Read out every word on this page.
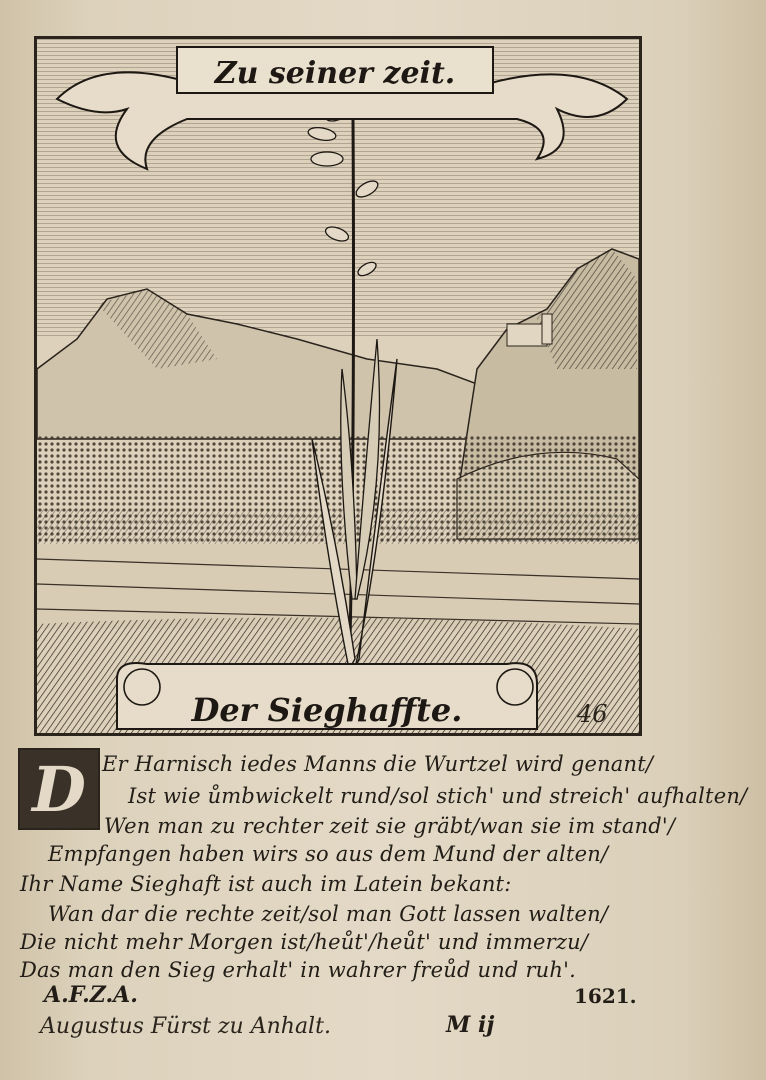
Zu seiner zeit.
Der Sieghaffte.	46
D Er Harnisch iedes Manns die Wurtzel wird genant/
Ist wie ůmbwickelt rund/sol stich' und streich' aufhalten/
Wen man zu rechter zeit sie gräbt/wan sie im stand'/
Empfangen haben wirs so aus dem Mund der alten/
Ihr Name Sieghaft ist auch im Latein bekant:
Wan dar die rechte zeit/sol man Gott lassen walten/
Die nicht mehr Morgen ist/heůt'/heůt' und immerzu/
Das man den Sieg erhalt' in wahrer freůd und ruh'.
A.F.Z.A.	1621.
Augustus Fürst zu Anhalt.	M ij
